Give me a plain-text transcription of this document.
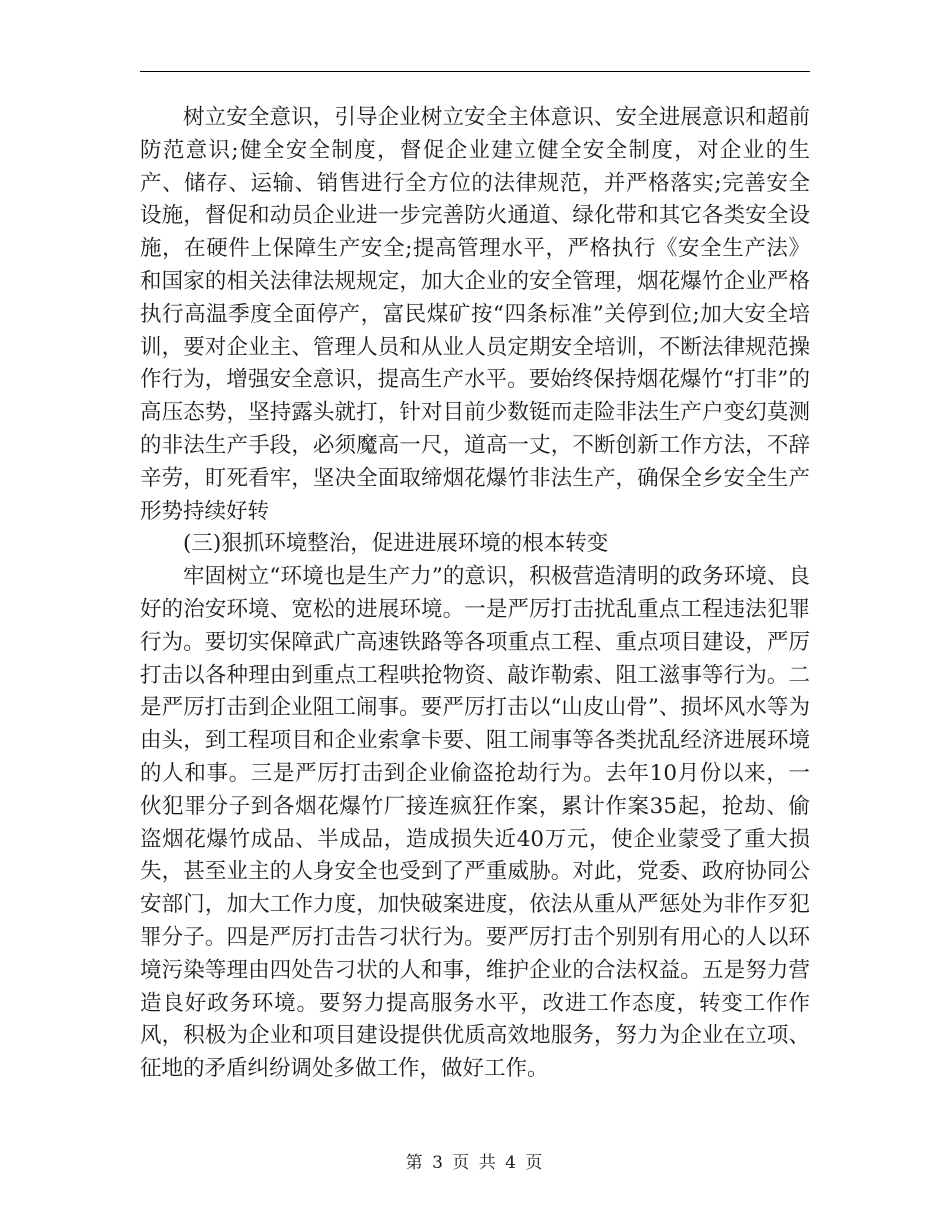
树立安全意识，引导企业树立安全主体意识、安全进展意识和超前防范意识;健全安全制度，督促企业建立健全安全制度，对企业的生产、储存、运输、销售进行全方位的法律规范，并严格落实;完善安全设施，督促和动员企业进一步完善防火通道、绿化带和其它各类安全设施，在硬件上保障生产安全;提高管理水平，严格执行《安全生产法》和国家的相关法律法规规定，加大企业的安全管理，烟花爆竹企业严格执行高温季度全面停产，富民煤矿按“四条标准”关停到位;加大安全培训，要对企业主、管理人员和从业人员定期安全培训，不断法律规范操作行为，增强安全意识，提高生产水平。要始终保持烟花爆竹“打非”的高压态势，坚持露头就打，针对目前少数铤而走险非法生产户变幻莫测的非法生产手段，必须魔高一尺，道高一丈，不断创新工作方法，不辞辛劳，盯死看牢，坚决全面取缔烟花爆竹非法生产，确保全乡安全生产形势持续好转

(三)狠抓环境整治，促进进展环境的根本转变

牢固树立“环境也是生产力”的意识，积极营造清明的政务环境、良好的治安环境、宽松的进展环境。一是严厉打击扰乱重点工程违法犯罪行为。要切实保障武广高速铁路等各项重点工程、重点项目建设，严厉打击以各种理由到重点工程哄抢物资、敲诈勒索、阻工滋事等行为。二是严厉打击到企业阻工闹事。要严厉打击以“山皮山骨”、损坏风水等为由头，到工程项目和企业索拿卡要、阻工闹事等各类扰乱经济进展环境的人和事。三是严厉打击到企业偷盗抢劫行为。去年10月份以来，一伙犯罪分子到各烟花爆竹厂接连疯狂作案，累计作案35起，抢劫、偷盗烟花爆竹成品、半成品，造成损失近40万元，使企业蒙受了重大损失，甚至业主的人身安全也受到了严重威胁。对此，党委、政府协同公安部门，加大工作力度，加快破案进度，依法从重从严惩处为非作歹犯罪分子。四是严厉打击告刁状行为。要严厉打击个别别有用心的人以环境污染等理由四处告刁状的人和事，维护企业的合法权益。五是努力营造良好政务环境。要努力提高服务水平，改进工作态度，转变工作作风，积极为企业和项目建设提供优质高效地服务，努力为企业在立项、征地的矛盾纠纷调处多做工作，做好工作。

第 3 页 共 4 页
